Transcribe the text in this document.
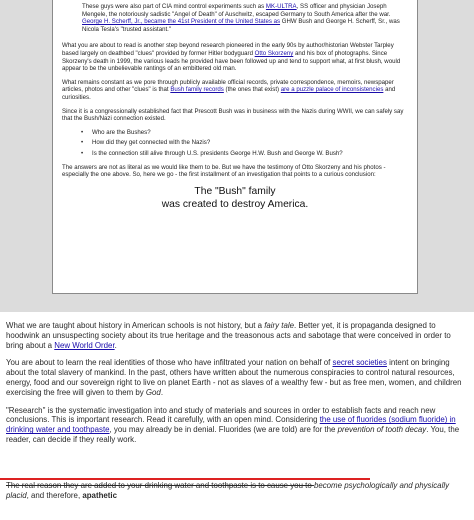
These guys were also part of CIA mind control experiments such as MK-ULTRA, SS officer and physician Joseph Mengele, the notoriously sadistic "Angel of Death" of Auschwitz, escaped Germany to South America after the war. George H. Scherff, Jr., became the 41st President of the United States as GHW Bush and George H. Scherff, Sr., was Nicola Tesla's "trusted assistant."

What you are about to read is another step beyond research pioneered in the early 90s by author/historian Webster Tarpley based largely on deathbed "clues" provided by former Hitler bodyguard Otto Skorzeny and his box of photographs. Since Skorzeny's death in 1999, the various leads he provided have been followed up and tend to support what, at first blush, would appear to be the unbelievable rantings of an embittered old man.

What remains constant as we pore through publicly available official records, private correspondence, memoirs, newspaper articles, photos and other "clues" is that Bush family records (the ones that exist) are a puzzle palace of inconsistencies and curiosities.

Since it is a congressionally established fact that Prescott Bush was in business with the Nazis during WWII, we can safely say that the Bush/Nazi connection existed.

• Who are the Bushes?
• How did they get connected with the Nazis?
• Is the connection still alive through U.S. presidents George H.W. Bush and George W. Bush?

The answers are not as literal as we would like them to be. But we have the testimony of Otto Skorzeny and his photos - especially the one above. So, here we go - the first installment of an investigation that points to a curious conclusion:

The "Bush" family
was created to destroy America.

What we are taught about history in American schools is not history, but a fairy tale. Better yet, it is propaganda designed to hoodwink an unsuspecting society about its true heritage and the treasonous acts and sabotage that were conceived in order to bring about a New World Order.

You are about to learn the real identities of those who have infiltrated your nation on behalf of secret societies intent on bringing about the total slavery of mankind. In the past, others have written about the numerous conspiracies to control natural resources, energy, food and our sovereign right to live on planet Earth - not as slaves of a wealthy few - but as free men, women, and children exercising the free will given to them by God.

"Research" is the systematic investigation into and study of materials and sources in order to establish facts and reach new conclusions. This is important research. Read it carefully, with an open mind. Considering the use of fluorides (sodium fluoride) in drinking water and toothpaste, you may already be in denial. Fluorides (we are told) are for the prevention of tooth decay. You, the reader, can decide if they really work.

The real reason they are added to your drinking water and toothpaste is to cause you to become psychologically and physically placid, and therefore, apathetic
